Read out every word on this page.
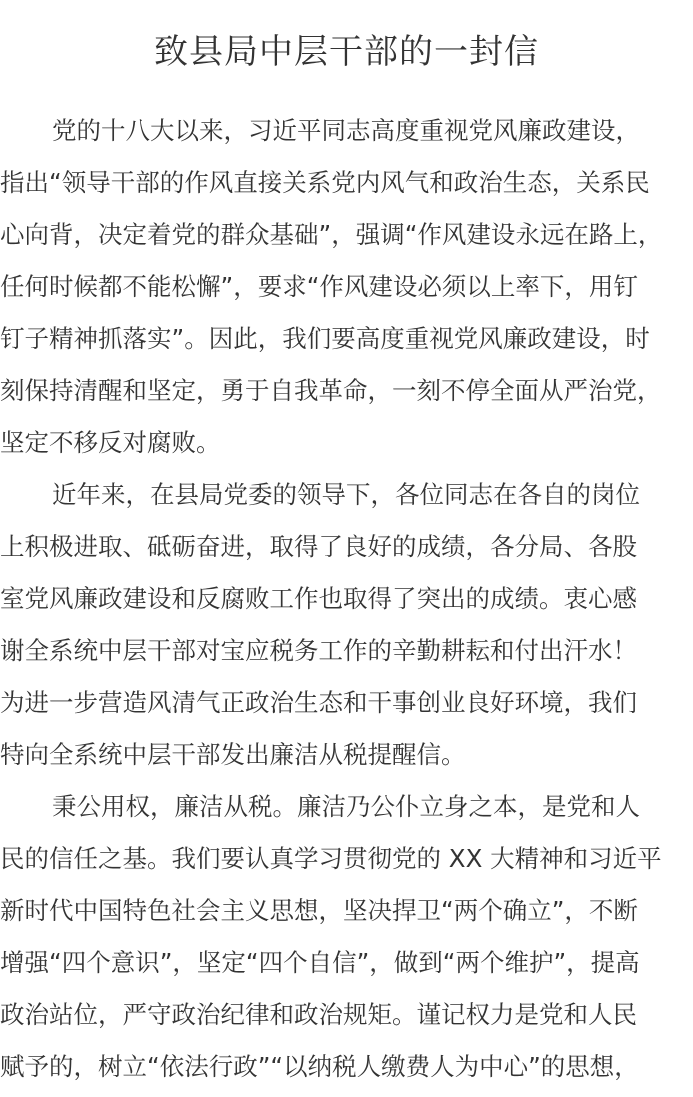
致县局中层干部的一封信
党的十八大以来，习近平同志高度重视党风廉政建设，
指出“领导干部的作风直接关系党内风气和政治生态，关系民
心向背，决定着党的群众基础”，强调“作风建设永远在路上，
任何时候都不能松懈”，要求“作风建设必须以上率下，用钉
钉子精神抓落实”。因此，我们要高度重视党风廉政建设，时
刻保持清醒和坚定，勇于自我革命，一刻不停全面从严治党，
坚定不移反对腐败。
近年来，在县局党委的领导下，各位同志在各自的岗位
上积极进取、砥砺奋进，取得了良好的成绩，各分局、各股
室党风廉政建设和反腐败工作也取得了突出的成绩。衷心感
谢全系统中层干部对宝应税务工作的辛勤耕耘和付出汗水！
为进一步营造风清气正政治生态和干事创业良好环境，我们
特向全系统中层干部发出廉洁从税提醒信。
秉公用权，廉洁从税。廉洁乃公仆立身之本，是党和人
民的信任之基。我们要认真学习贯彻党的 XX 大精神和习近平
新时代中国特色社会主义思想，坚决捍卫“两个确立”，不断
增强“四个意识”，坚定“四个自信”，做到“两个维护”，提高
政治站位，严守政治纪律和政治规矩。谨记权力是党和人民
赋予的，树立“依法行政”“以纳税人缴费人为中心”的思想，
